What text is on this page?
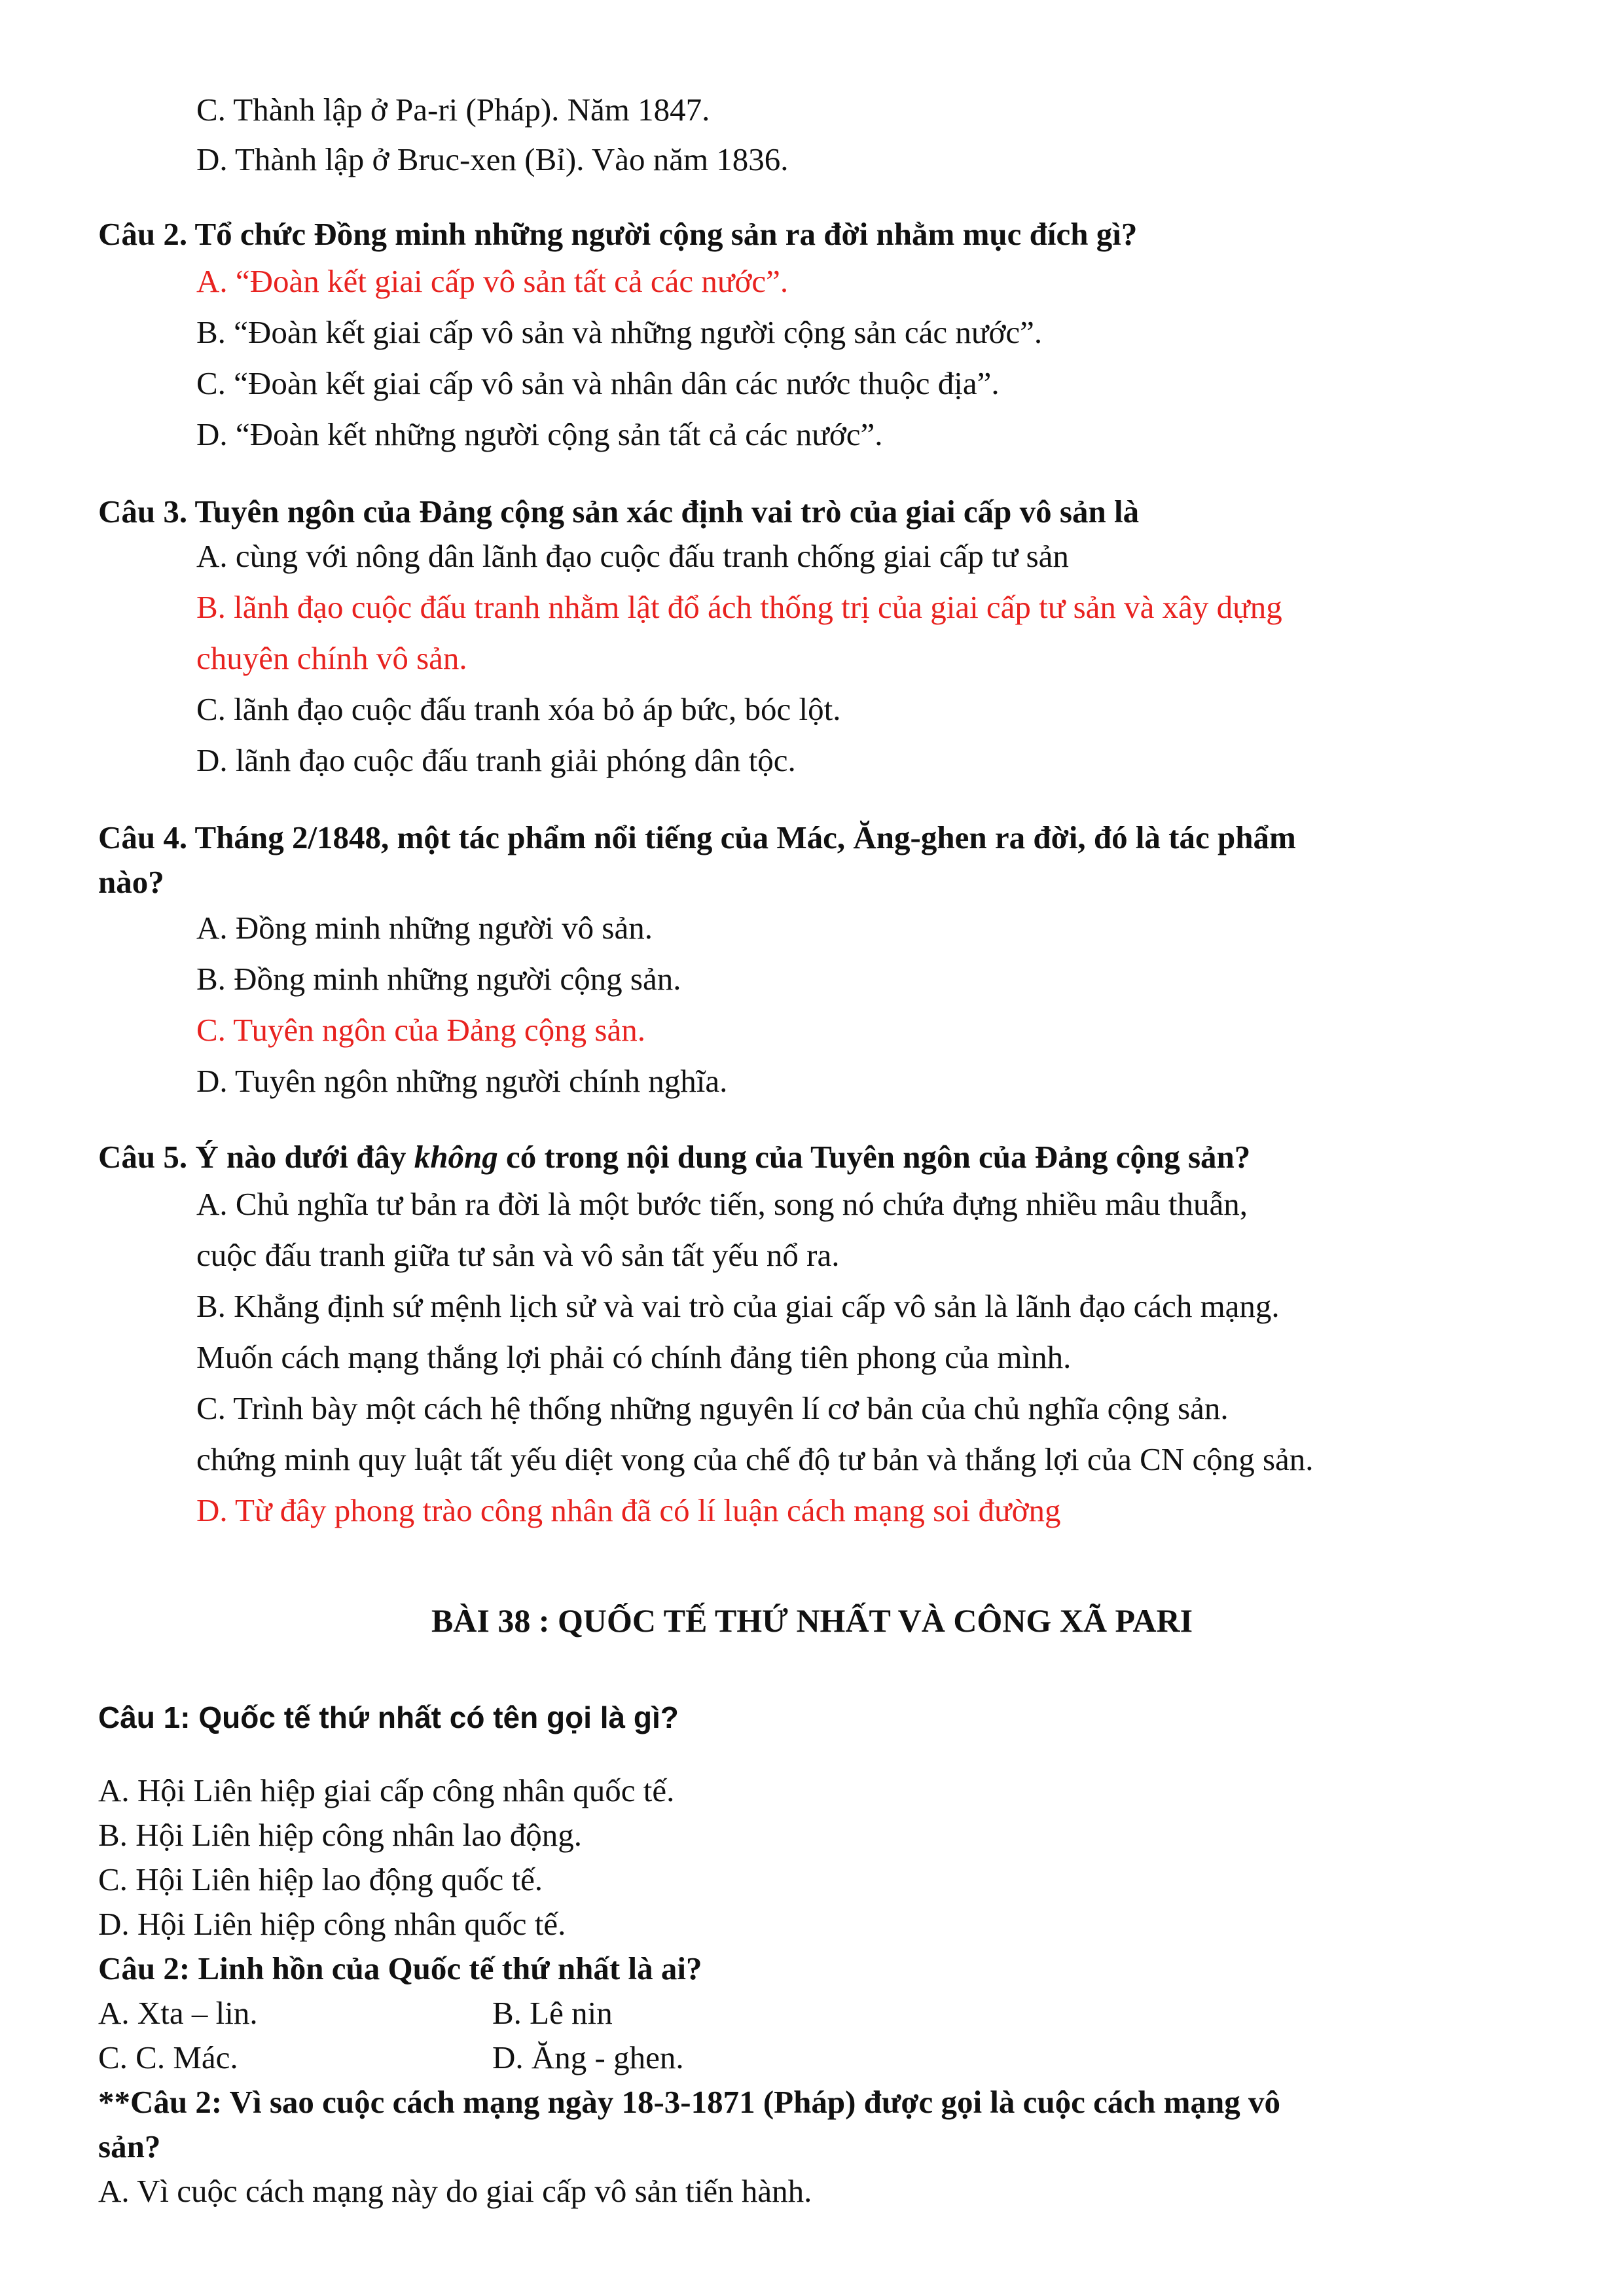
C. Thành lập ở Pa-ri (Pháp). Năm 1847.
D. Thành lập ở Bruc-xen (Bỉ). Vào năm 1836.
Câu 2. Tổ chức Đồng minh những người cộng sản ra đời nhằm mục đích gì?
A. “Đoàn kết giai cấp vô sản tất cả các nước”.
B. “Đoàn kết giai cấp vô sản và những người cộng sản các nước”.
C. “Đoàn kết giai cấp vô sản và nhân dân các nước thuộc địa”.
D. “Đoàn kết những người cộng sản tất cả các nước”.
Câu 3. Tuyên ngôn của Đảng cộng sản xác định vai trò của giai cấp vô sản là
A. cùng với nông dân lãnh đạo cuộc đấu tranh chống giai cấp tư sản
B. lãnh đạo cuộc đấu tranh nhằm lật đổ ách thống trị của giai cấp tư sản và xây dựng
chuyên chính vô sản.
C. lãnh đạo cuộc đấu tranh xóa bỏ áp bức, bóc lột.
D. lãnh đạo cuộc đấu tranh giải phóng dân tộc.
Câu 4. Tháng 2/1848, một tác phẩm nổi tiếng của Mác, Ăng-ghen ra đời, đó là tác phẩm
nào?
A. Đồng minh những người vô sản.
B. Đồng minh những người cộng sản.
C. Tuyên ngôn của Đảng cộng sản.
D. Tuyên ngôn những người chính nghĩa.
Câu 5. Ý nào dưới đây không có trong nội dung của Tuyên ngôn của Đảng cộng sản?
A. Chủ nghĩa tư bản ra đời là một bước tiến, song nó chứa đựng nhiều mâu thuẫn,
cuộc đấu tranh giữa tư sản và vô sản tất yếu nổ ra.
B. Khẳng định sứ mệnh lịch sử và vai trò của giai cấp vô sản là lãnh đạo cách mạng.
Muốn cách mạng thắng lợi phải có chính đảng tiên phong của mình.
C. Trình bày một cách hệ thống những nguyên lí cơ bản của chủ nghĩa cộng sản.
chứng minh quy luật tất yếu diệt vong của chế độ tư bản và thắng lợi của CN cộng sản.
D. Từ đây phong trào công nhân đã có lí luận cách mạng soi đường
BÀI 38 : QUỐC TẾ THỨ NHẤT VÀ CÔNG XÃ PARI
Câu 1: Quốc tế thứ nhất có tên gọi là gì?
A. Hội Liên hiệp giai cấp công nhân quốc tế.
B. Hội Liên hiệp công nhân lao động.
C. Hội Liên hiệp lao động quốc tế.
D. Hội Liên hiệp công nhân quốc tế.
Câu 2: Linh hồn của Quốc tế thứ nhất là ai?
A. Xta – lin.	B. Lê nin
C. C. Mác.	D. Ăng - ghen.
**Câu 2: Vì sao cuộc cách mạng ngày 18-3-1871 (Pháp) được gọi là cuộc cách mạng vô
sản?
A. Vì cuộc cách mạng này do giai cấp vô sản tiến hành.
